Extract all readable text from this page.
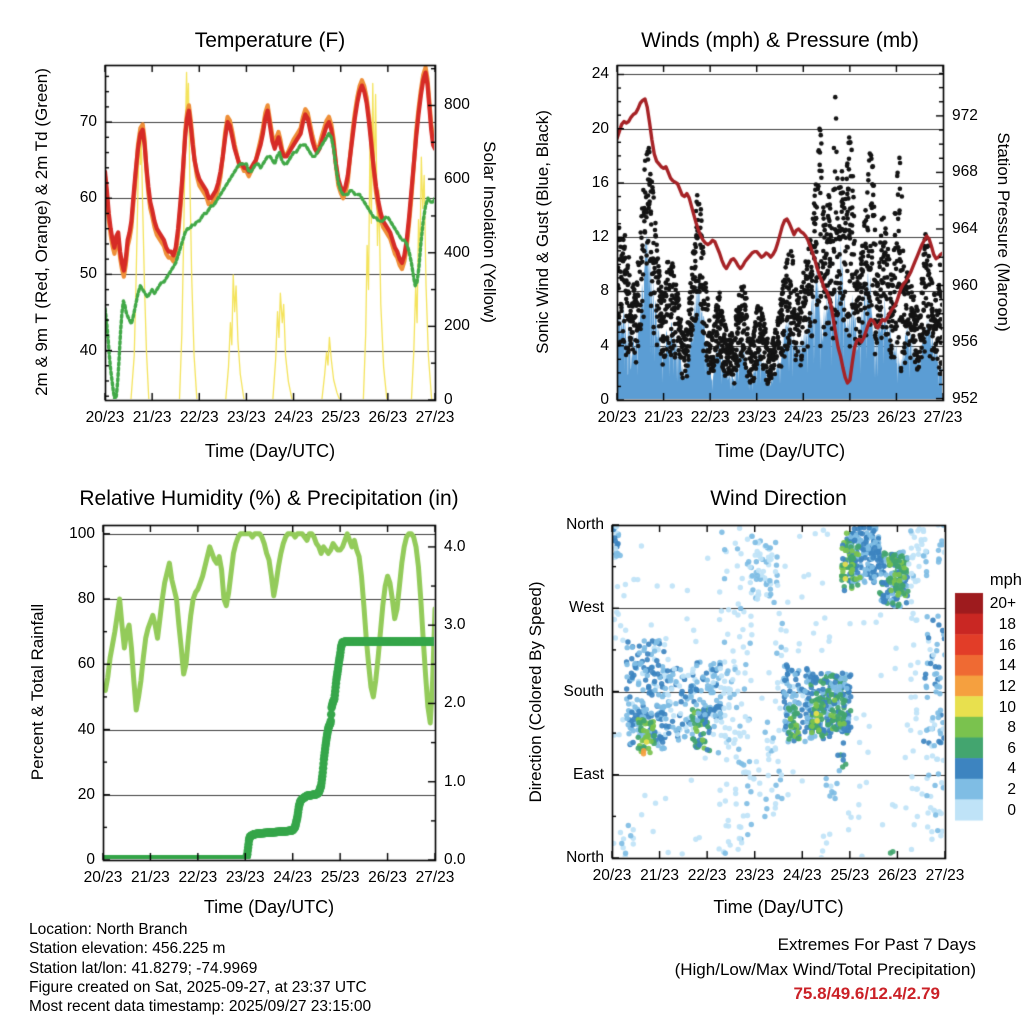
Temperature (F)	Winds (mph) & Pressure (mb)
Relative Humidity (%) & Precipitation (in)	Wind Direction
2m & 9m T (Red, Orange) & 2m Td (Green)	Solar Insolation (Yellow) Sonic Wind & Gust (Blue, Black)	Station Pressure (Maroon)
Percent & Total Rainfall	Direction (Colored By Speed)
Time (Day/UTC)	Time (Day/UTC)
Time (Day/UTC)	Time (Day/UTC)
mph
Location: North Branch
Station elevation: 456.225 m
Station lat/lon: 41.8279; -74.9969
Figure created on Sat, 2025-09-27, at 23:37 UTC
Most recent data timestamp: 2025/09/27 23:15:00
Extremes For Past 7 Days
(High/Low/Max Wind/Total Precipitation)
75.8/49.6/12.4/2.79
20/23 21/23 22/23 23/23 24/23 25/23 26/23 27/23
40
50
60
70
0
200
400
600
800
20/23 21/23 22/23 23/23 24/23 25/23 26/23 27/23
0
4
8
12
16
20
24
952
956
960
964
968
972
20/23 21/23 22/23 23/23 24/23 25/23 26/23 27/23
0
20
40
60
80
100
0.0
1.0
2.0
3.0
4.0
20/23 21/23 22/23 23/23 24/23 25/23 26/23 27/23
North
West
South
East
North
20+
18
16
14
12
10
8
6
4
2
0
